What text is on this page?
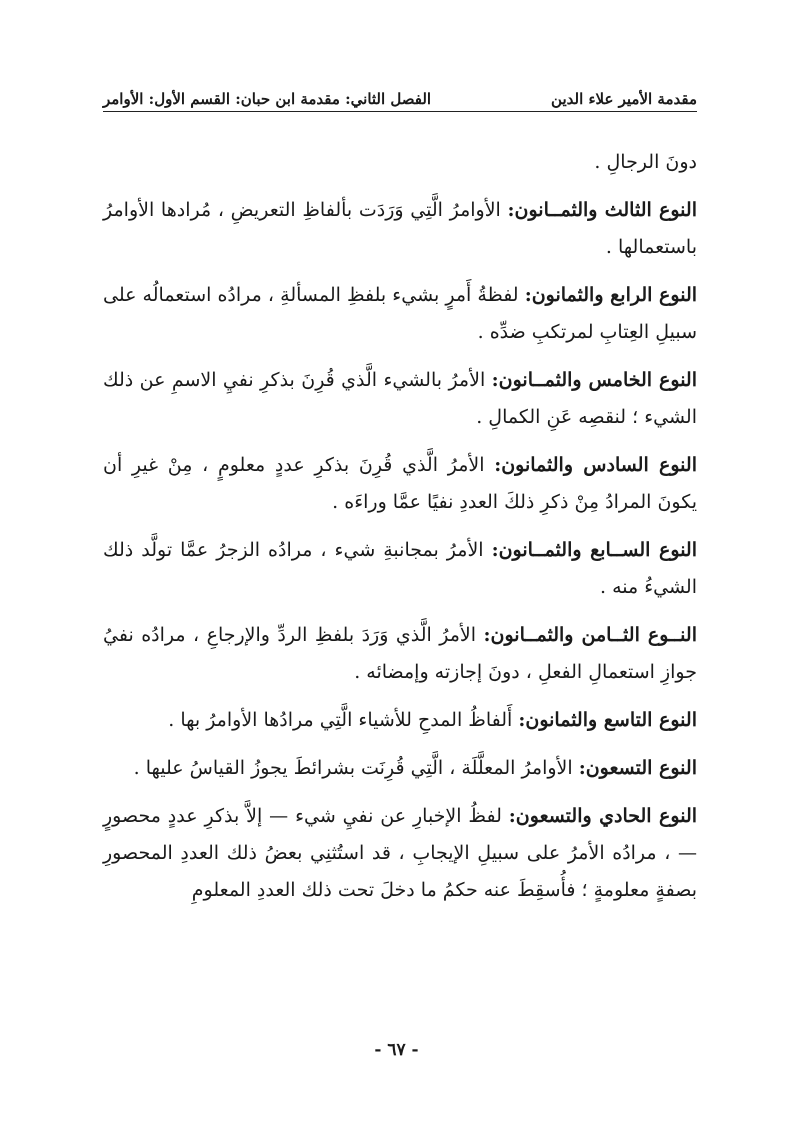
مقدمة الأمير علاء الدين
الفصل الثاني: مقدمة ابن حبان: القسم الأول: الأوامر

دونَ الرجالِ .

النوع الثالث والثمــانون: الأوامرُ الَّتِي وَرَدَت بألفاظِ التعريضِ ، مُرادها الأوامرُ باستعمالها .

النوع الرابع والثمانون: لفظةُ أَمرٍ بشيء بلفظِ المسألةِ ، مرادُه استعمالُه على سبيلِ العِتابِ لمرتكبِ ضدِّه .

النوع الخامس والثمــانون: الأمرُ بالشيء الَّذي قُرِنَ بذكرِ نفيِ الاسمِ عن ذلك الشيء ؛ لنقصِه عَنِ الكمالِ .

النوع السادس والثمانون: الأمرُ الَّذي قُرِنَ بذكرِ عددٍ معلومٍ ، مِنْ غيرِ أن يكونَ المرادُ مِنْ ذكرِ ذلكَ العددِ نفيًا عمَّا وراءَه .

النوع الســابع والثمــانون: الأمرُ بمجانبةِ شيء ، مرادُه الزجرُ عمَّا تولَّد ذلك الشيءُ منه .

النــوع الثــامن والثمــانون: الأمرُ الَّذي وَرَدَ بلفظِ الردِّ والإرجاعِ ، مرادُه نفيُ جوازِ استعمالِ الفعلِ ، دونَ إجازته وإمضائه .

النوع التاسع والثمانون: أَلفاظُ المدحِ للأشياء الَّتِي مرادُها الأوامرُ بها .

النوع التسعون: الأوامرُ المعلَّلَة ، الَّتِي قُرِنَت بشرائطَ يجوزُ القياسُ عليها .

النوع الحادي والتسعون: لفظُ الإخبارِ عن نفيِ شيء — إلاَّ بذكرِ عددٍ محصورٍ — ، مرادُه الأمرُ على سبيلِ الإيجابِ ، قد استُثنِي بعضُ ذلك العددِ المحصورِ بصفةٍ معلومةٍ ؛ فأُسقِطَ عنه حكمُ ما دخلَ تحت ذلك العددِ المعلومِ

- ٦٧ -
